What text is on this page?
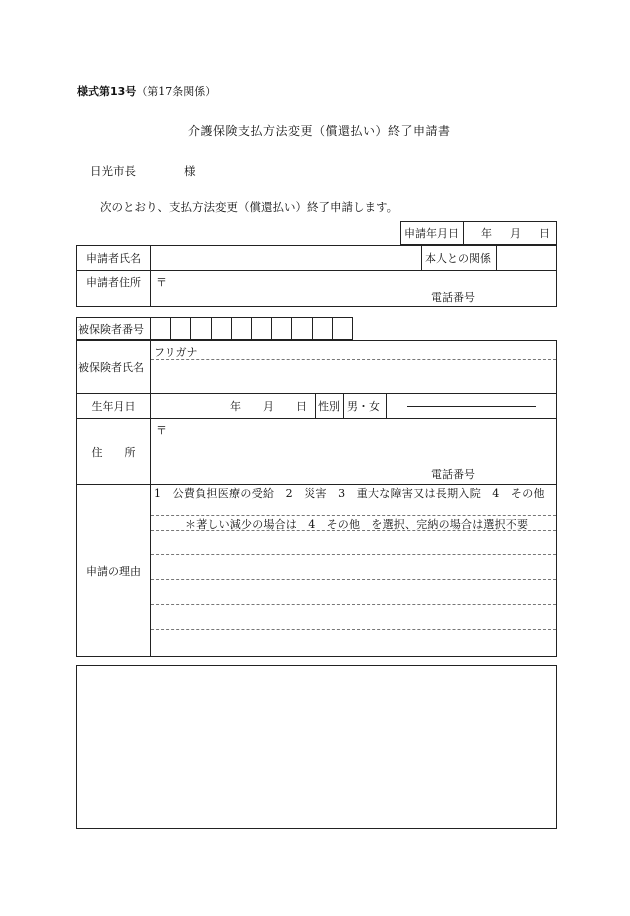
様式第13号（第17条関係）
介護保険支払方法変更（償還払い）終了申請書
日光市長	様
次のとおり、支払方法変更（償還払い）終了申請します。
申請年月日	年 月 日
申請者氏名		本人との関係	
申請者住所	〒
電話番号		
被保険者番号										
被保険者氏名	フリガナ			

生年月日	年 月 日	性別	男・女	

住　　所	〒
電話番号			

申請の理由	1　公費負担医療の受給　2　災害　3　重大な障害又は長期入院　4　その他
＊著しい減少の場合は　4　その他　を選択、完納の場合は選択不要			
